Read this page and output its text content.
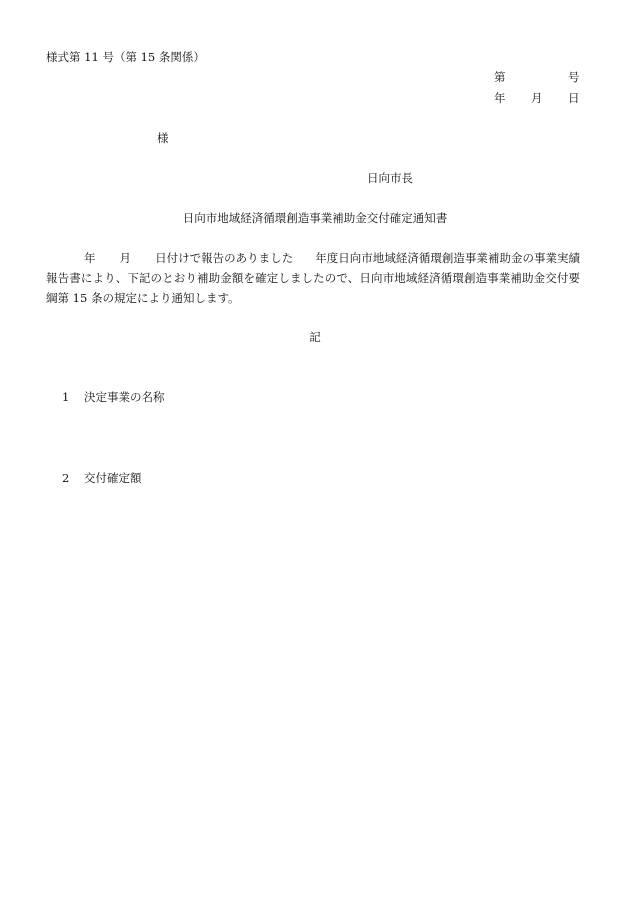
様式第 11 号（第 15 条関係）
第	号
年 月 日
様
日向市長
日向市地域経済循環創造事業補助金交付確定通知書
年 月 日付けで報告のありました 年度日向市地域経済循環創造事業補助金の事業実績報告書により、下記のとおり補助金額を確定しましたので、日向市地域経済循環創造事業補助金交付要綱第 15 条の規定により通知します。
記
1 決定事業の名称
2 交付確定額
